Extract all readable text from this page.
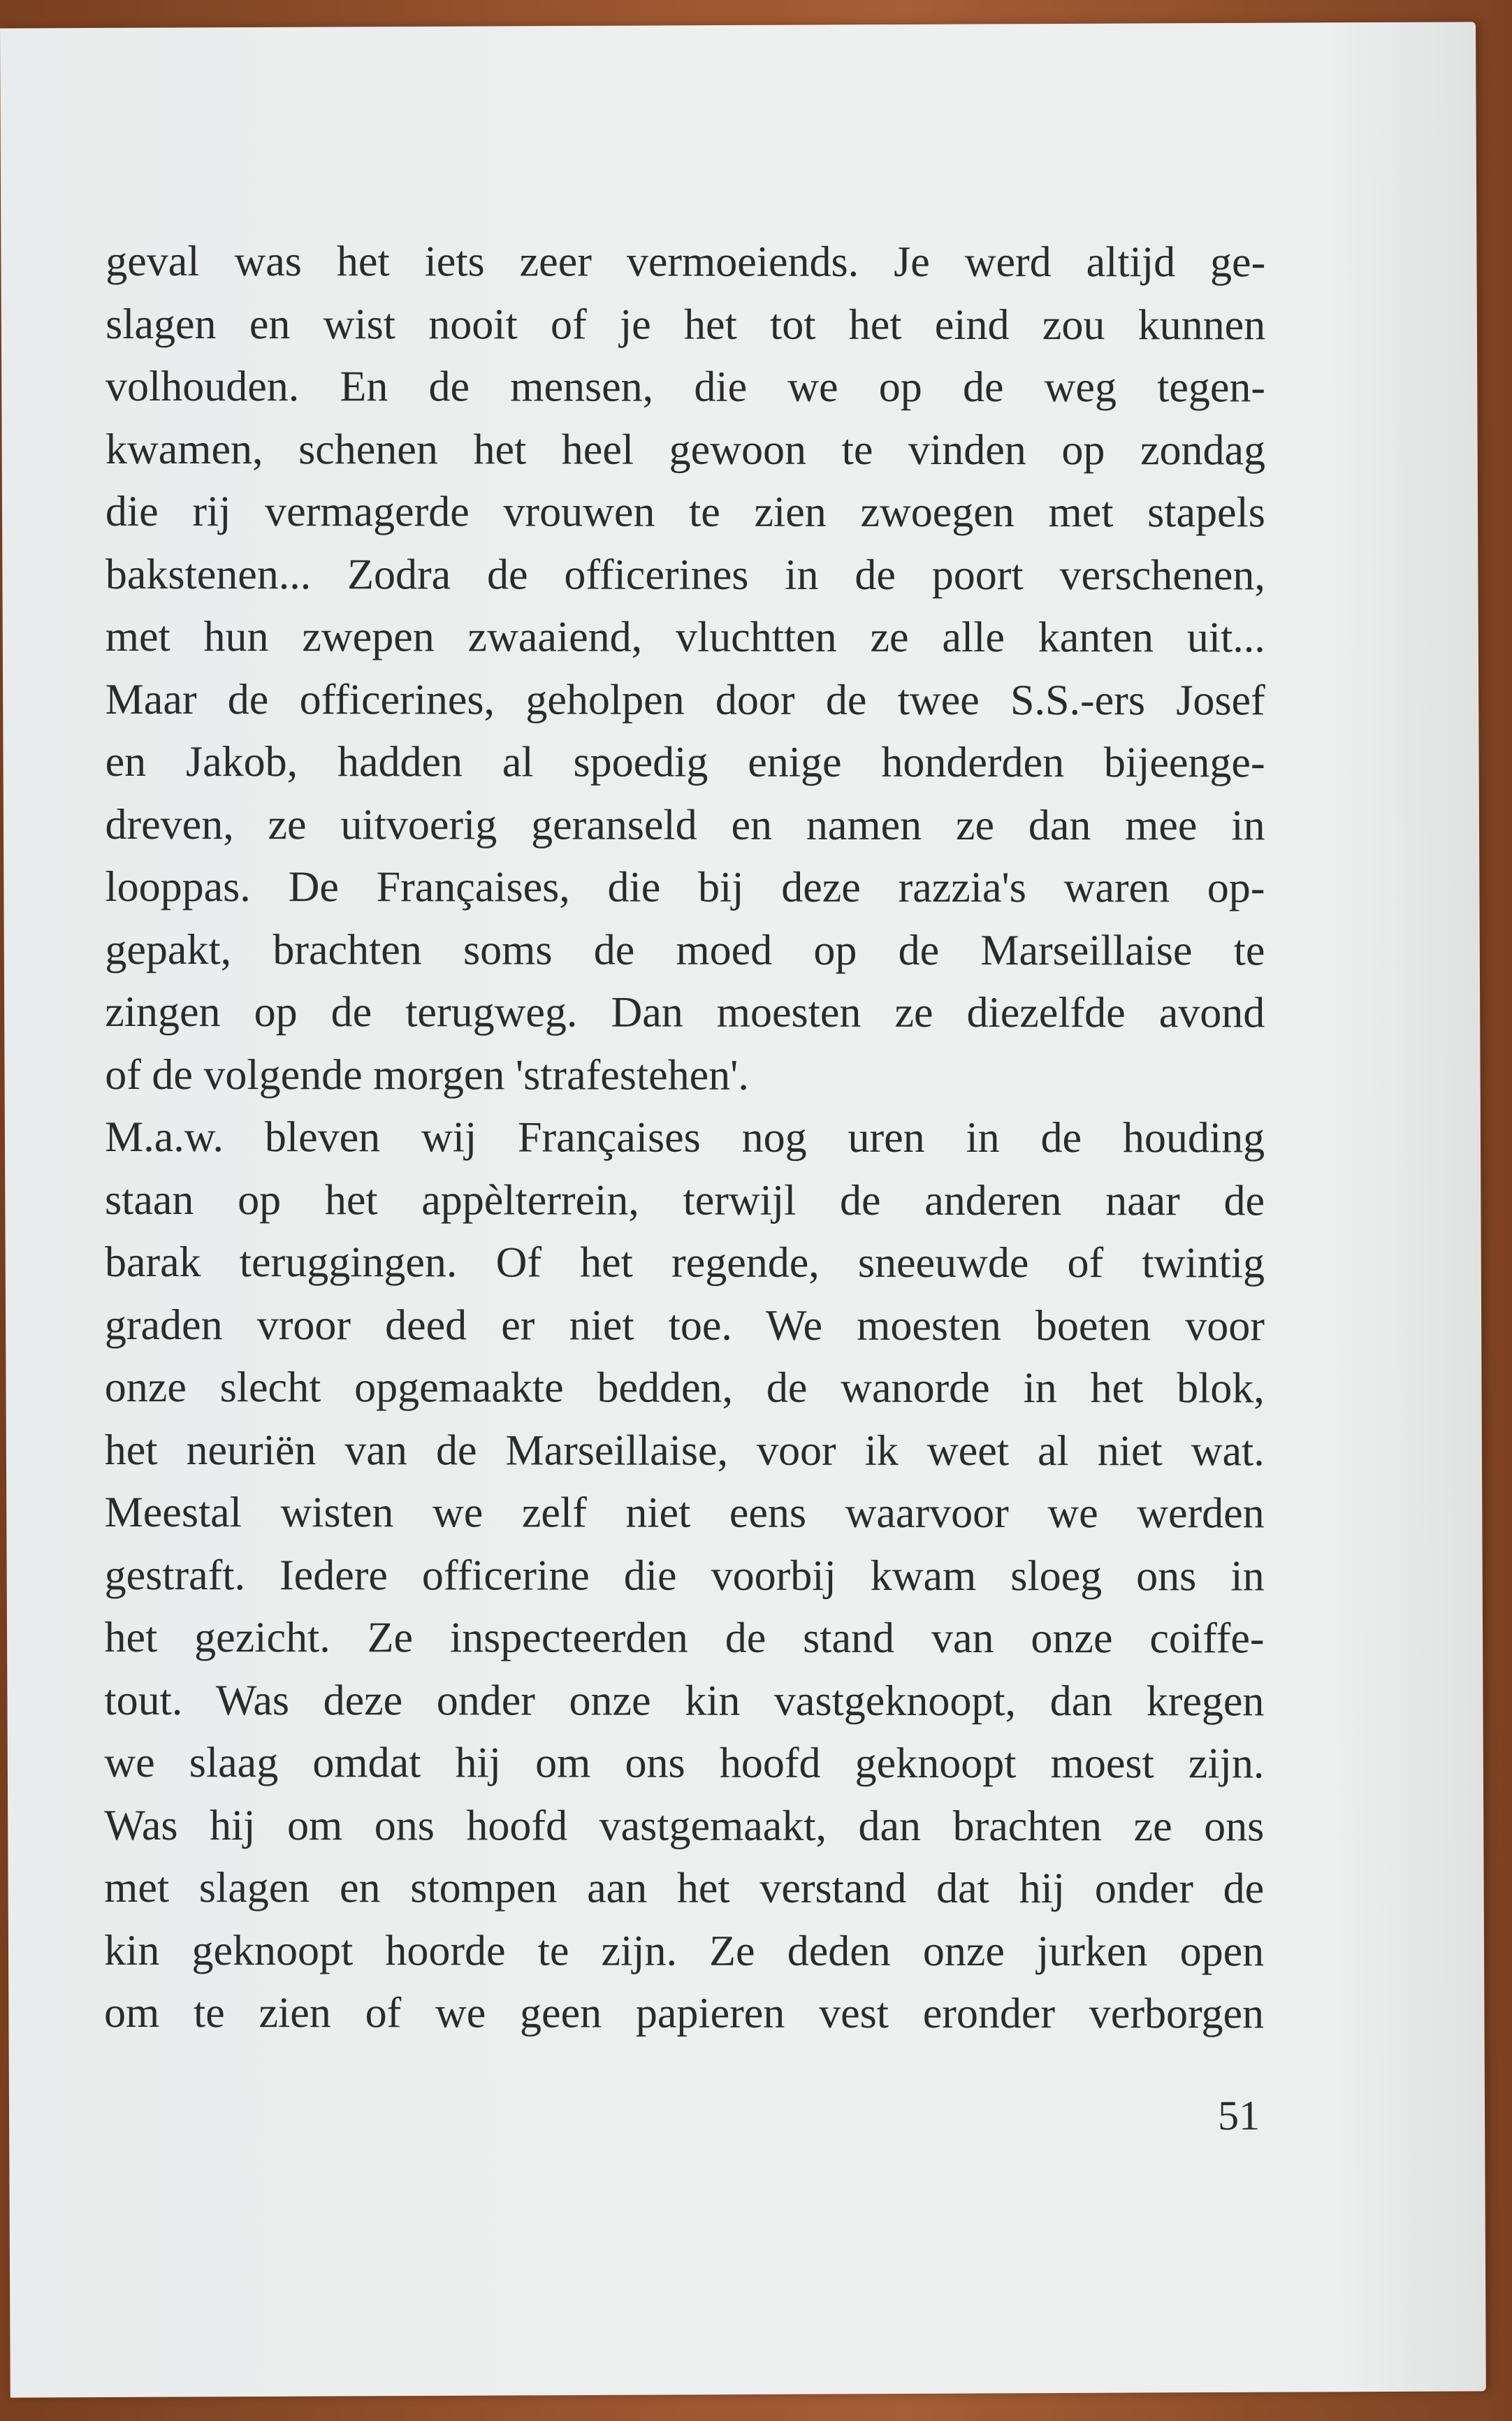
geval was het iets zeer vermoeiends. Je werd altijd ge-
slagen en wist nooit of je het tot het eind zou kunnen
volhouden. En de mensen, die we op de weg tegen-
kwamen, schenen het heel gewoon te vinden op zondag
die rij vermagerde vrouwen te zien zwoegen met stapels
bakstenen... Zodra de officerines in de poort verschenen,
met hun zwepen zwaaiend, vluchtten ze alle kanten uit...
Maar de officerines, geholpen door de twee S.S.-ers Josef
en Jakob, hadden al spoedig enige honderden bijeenge-
dreven, ze uitvoerig geranseld en namen ze dan mee in
looppas. De Françaises, die bij deze razzia's waren op-
gepakt, brachten soms de moed op de Marseillaise te
zingen op de terugweg. Dan moesten ze diezelfde avond
of de volgende morgen 'strafestehen'.
M.a.w. bleven wij Françaises nog uren in de houding
staan op het appèlterrein, terwijl de anderen naar de
barak teruggingen. Of het regende, sneeuwde of twintig
graden vroor deed er niet toe. We moesten boeten voor
onze slecht opgemaakte bedden, de wanorde in het blok,
het neuriën van de Marseillaise, voor ik weet al niet wat.
Meestal wisten we zelf niet eens waarvoor we werden
gestraft. Iedere officerine die voorbij kwam sloeg ons in
het gezicht. Ze inspecteerden de stand van onze coiffe-
tout. Was deze onder onze kin vastgeknoopt, dan kregen
we slaag omdat hij om ons hoofd geknoopt moest zijn.
Was hij om ons hoofd vastgemaakt, dan brachten ze ons
met slagen en stompen aan het verstand dat hij onder de
kin geknoopt hoorde te zijn. Ze deden onze jurken open
om te zien of we geen papieren vest eronder verborgen
51
